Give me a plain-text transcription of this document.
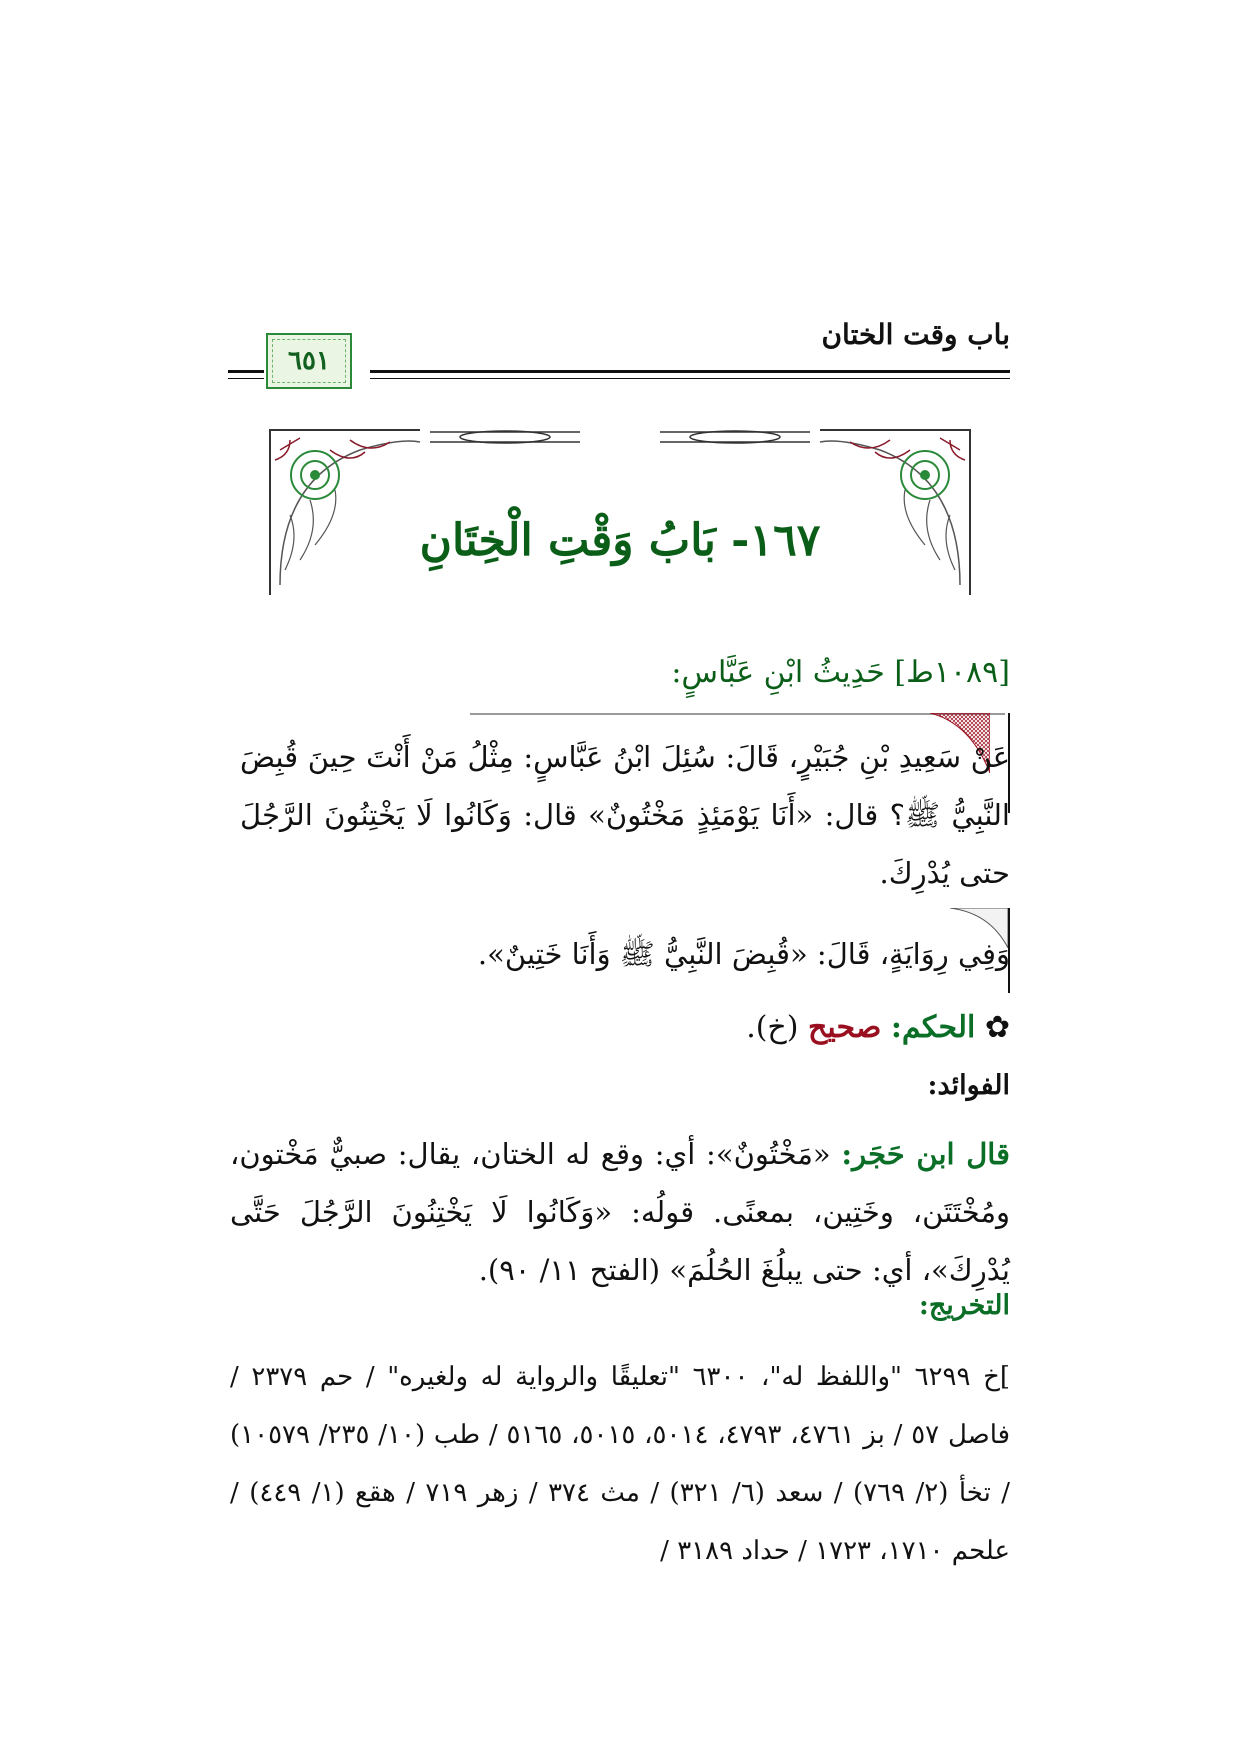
باب وقت الختان
٦٥١
١٦٧- بَابُ وَقْتِ الْخِتَانِ
[١٠٨٩ط] حَدِيثُ ابْنِ عَبَّاسٍ:
عَنْ سَعِيدِ بْنِ جُبَيْرٍ، قَالَ: سُئِلَ ابْنُ عَبَّاسٍ: مِثْلُ مَنْ أَنْتَ حِينَ قُبِضَ النَّبِيُّ ﷺ؟ قال: «أَنَا يَوْمَئِذٍ مَخْتُونٌ» قال: وَكَانُوا لَا يَخْتِنُونَ الرَّجُلَ حتى يُدْرِكَ.
وَفِي رِوَايَةٍ، قَالَ: «قُبِضَ النَّبِيُّ ﷺ وَأَنَا خَتِينٌ».
✿ الحكم: صحيح (خ).
الفوائد:
قال ابن حَجَر: «مَخْتُونٌ»: أي: وقع له الختان، يقال: صبيٌّ مَخْتون، ومُخْتَتَن، وخَتِين، بمعنًى. قولُه: «وَكَانُوا لَا يَخْتِنُونَ الرَّجُلَ حَتَّى يُدْرِكَ»، أي: حتى يبلُغَ الحُلُمَ» (الفتح ١١/ ٩٠).
التخريج:
]خ ٦٢٩٩ "واللفظ له"، ٦٣٠٠ "تعليقًا والرواية له ولغيره" / حم ٢٣٧٩ / فاصل ٥٧ / بز ٤٧٦١، ٤٧٩٣، ٥٠١٤، ٥٠١٥، ٥١٦٥ / طب (١٠/ ٢٣٥/ ١٠٥٧٩) / تخأ (٢/ ٧٦٩) / سعد (٦/ ٣٢١) / مث ٣٧٤ / زهر ٧١٩ / هقع (١/ ٤٤٩) / علحم ١٧١٠، ١٧٢٣ / حداد ٣١٨٩ /
